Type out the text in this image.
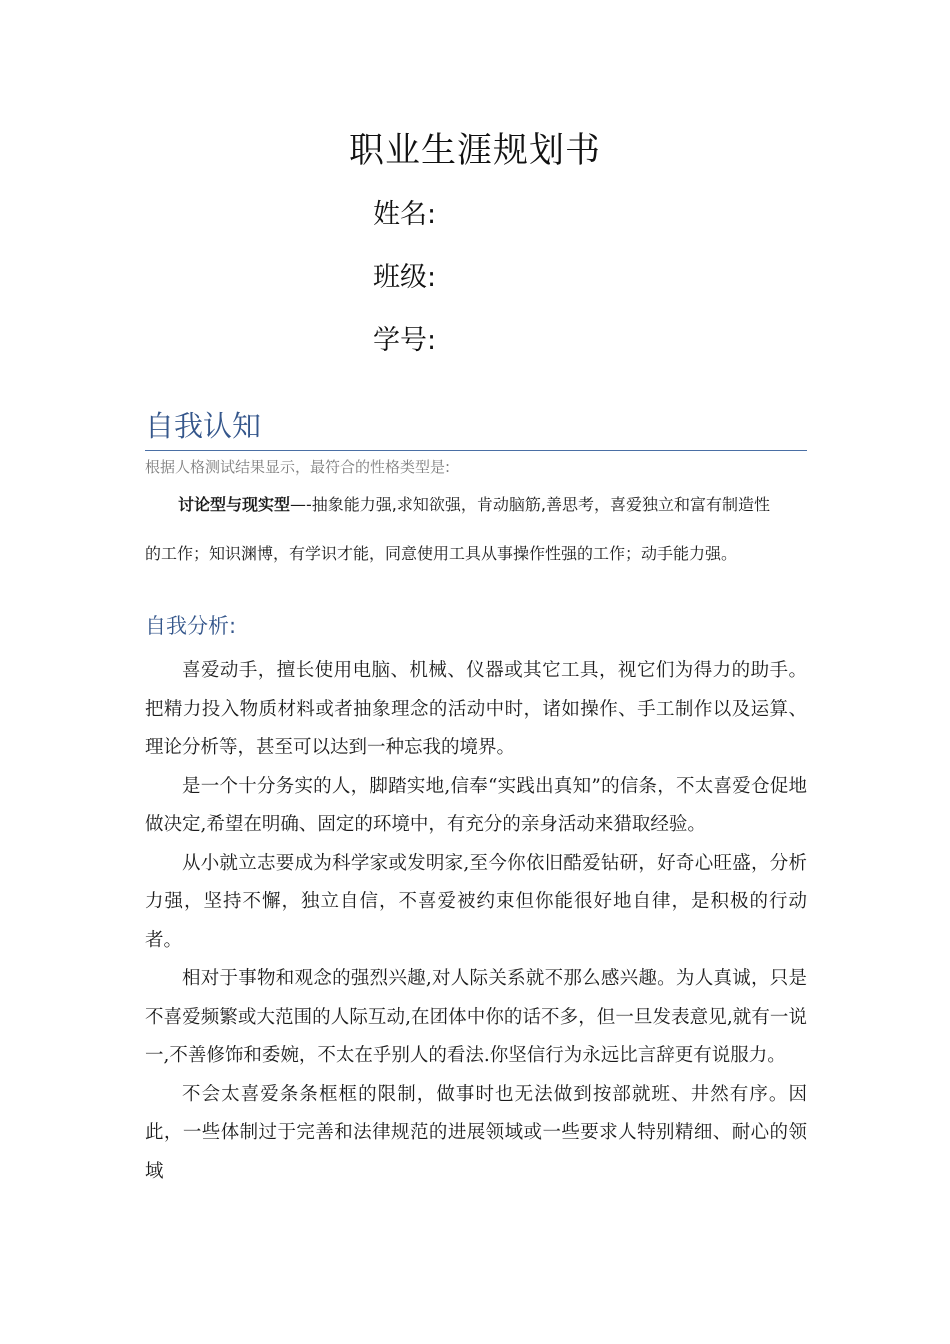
职业生涯规划书
姓名:
班级:
学号:
自我认知
根据人格测试结果显示，最符合的性格类型是:
讨论型与现实型—-抽象能力强,求知欲强，肯动脑筋,善思考，喜爱独立和富有制造性
的工作；知识渊博，有学识才能，同意使用工具从事操作性强的工作；动手能力强。
自我分析:

喜爱动手，擅长使用电脑、机械、仪器或其它工具，视它们为得力的助手。把精力投入物质材料或者抽象理念的活动中时，诸如操作、手工制作以及运算、理论分析等，甚至可以达到一种忘我的境界。

是一个十分务实的人，脚踏实地,信奉“实践出真知”的信条，不太喜爱仓促地做决定,希望在明确、固定的环境中，有充分的亲身活动来猎取经验。

从小就立志要成为科学家或发明家,至今你依旧酷爱钻研，好奇心旺盛，分析力强，坚持不懈，独立自信，不喜爱被约束但你能很好地自律，是积极的行动者。

相对于事物和观念的强烈兴趣,对人际关系就不那么感兴趣。为人真诚，只是不喜爱频繁或大范围的人际互动,在团体中你的话不多，但一旦发表意见,就有一说一,不善修饰和委婉，不太在乎别人的看法.你坚信行为永远比言辞更有说服力。

不会太喜爱条条框框的限制，做事时也无法做到按部就班、井然有序。因此，一些体制过于完善和法律规范的进展领域或一些要求人特别精细、耐心的领域
